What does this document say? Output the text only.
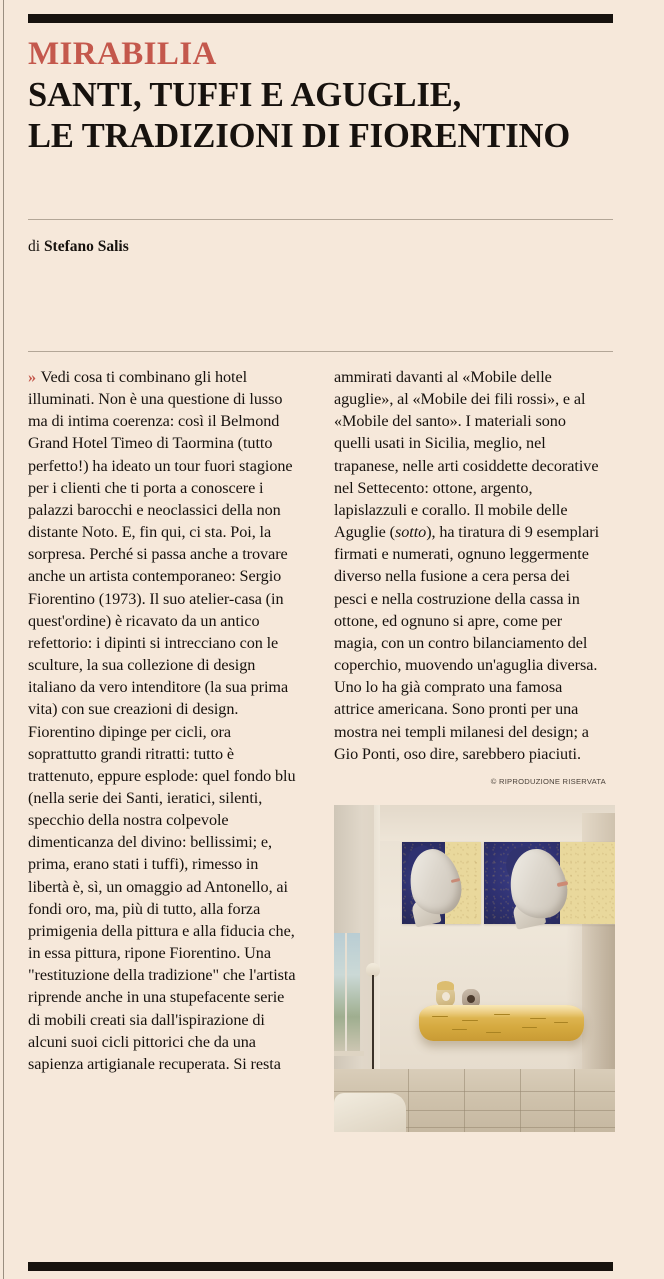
MIRABILIA
SANTI, TUFFI E AGUGLIE,
LE TRADIZIONI DI FIORENTINO
di Stefano Salis

» Vedi cosa ti combinano gli hotel illuminati. Non è una questione di lusso ma di intima coerenza: così il Belmond Grand Hotel Timeo di Taormina (tutto perfetto!) ha ideato un tour fuori stagione per i clienti che ti porta a conoscere i palazzi barocchi e neoclassici della non distante Noto. E, fin qui, ci sta. Poi, la sorpresa. Perché si passa anche a trovare anche un artista contemporaneo: Sergio Fiorentino (1973). Il suo atelier-casa (in quest'ordine) è ricavato da un antico refettorio: i dipinti si intrecciano con le sculture, la sua collezione di design italiano da vero intenditore (la sua prima vita) con sue creazioni di design. Fiorentino dipinge per cicli, ora soprattutto grandi ritratti: tutto è trattenuto, eppure esplode: quel fondo blu (nella serie dei Santi, ieratici, silenti, specchio della nostra colpevole dimenticanza del divino: bellissimi; e, prima, erano stati i tuffi), rimesso in libertà è, sì, un omaggio ad Antonello, ai fondi oro, ma, più di tutto, alla forza primigenia della pittura e alla fiducia che, in essa pittura, ripone Fiorentino. Una "restituzione della tradizione" che l'artista riprende anche in una stupefacente serie di mobili creati sia dall'ispirazione di alcuni suoi cicli pittorici che da una sapienza artigianale recuperata. Si resta

ammirati davanti al «Mobile delle aguglie», al «Mobile dei fili rossi», e al «Mobile del santo». I materiali sono quelli usati in Sicilia, meglio, nel trapanese, nelle arti cosiddette decorative nel Settecento: ottone, argento, lapislazzuli e corallo. Il mobile delle Aguglie (sotto), ha tiratura di 9 esemplari firmati e numerati, ognuno leggermente diverso nella fusione a cera persa dei pesci e nella costruzione della cassa in ottone, ed ognuno si apre, come per magia, con un contro bilanciamento del coperchio, muovendo un'aguglia diversa. Uno lo ha già comprato una famosa attrice americana. Sono pronti per una mostra nei templi milanesi del design; a Gio Ponti, oso dire, sarebbero piaciuti.

© RIPRODUZIONE RISERVATA
